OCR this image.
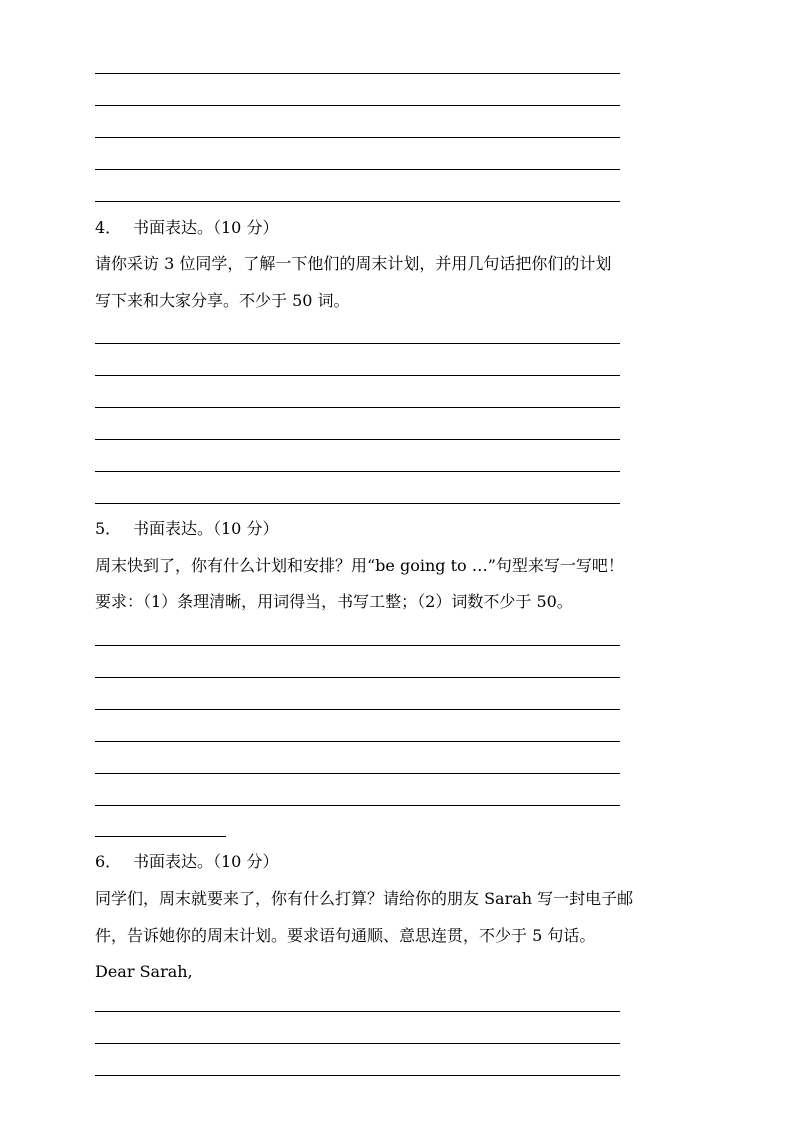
4． 书面表达。（10 分）
请你采访 3 位同学，了解一下他们的周末计划，并用几句话把你们的计划
写下来和大家分享。不少于 50 词。
5． 书面表达。（10 分）
周末快到了，你有什么计划和安排？用“be going to …”句型来写一写吧！
要求：（1）条理清晰，用词得当，书写工整；（2）词数不少于 50。
6． 书面表达。（10 分）
同学们，周末就要来了，你有什么打算？请给你的朋友 Sarah 写一封电子邮
件，告诉她你的周末计划。要求语句通顺、意思连贯，不少于 5 句话。
Dear Sarah,
